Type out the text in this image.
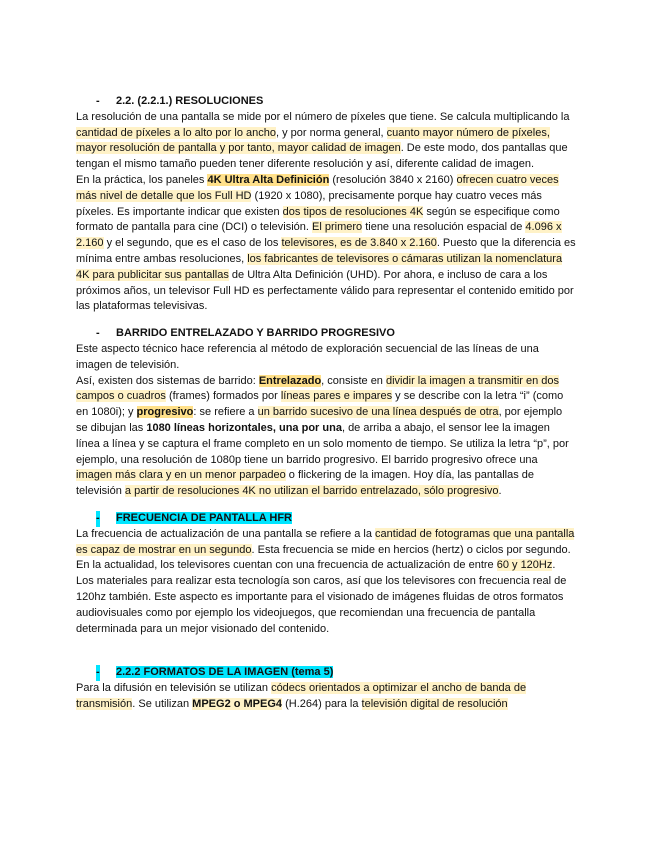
- 2.2. (2.2.1.) RESOLUCIONES

La resolución de una pantalla se mide por el número de píxeles que tiene. Se calcula multiplicando la cantidad de píxeles a lo alto por lo ancho, y por norma general, cuanto mayor número de píxeles, mayor resolución de pantalla y por tanto, mayor calidad de imagen. De este modo, dos pantallas que tengan el mismo tamaño pueden tener diferente resolución y así, diferente calidad de imagen.

En la práctica, los paneles 4K Ultra Alta Definición (resolución 3840 x 2160) ofrecen cuatro veces más nivel de detalle que los Full HD (1920 x 1080), precisamente porque hay cuatro veces más píxeles. Es importante indicar que existen dos tipos de resoluciones 4K según se especifique como formato de pantalla para cine (DCI) o televisión. El primero tiene una resolución espacial de 4.096 x 2.160 y el segundo, que es el caso de los televisores, es de 3.840 x 2.160. Puesto que la diferencia es mínima entre ambas resoluciones, los fabricantes de televisores o cámaras utilizan la nomenclatura 4K para publicitar sus pantallas de Ultra Alta Definición (UHD). Por ahora, e incluso de cara a los próximos años, un televisor Full HD es perfectamente válido para representar el contenido emitido por las plataformas televisivas.

- BARRIDO ENTRELAZADO Y BARRIDO PROGRESIVO

Este aspecto técnico hace referencia al método de exploración secuencial de las líneas de una imagen de televisión.

Así, existen dos sistemas de barrido: Entrelazado, consiste en dividir la imagen a transmitir en dos campos o cuadros (frames) formados por líneas pares e impares y se describe con la letra “i” (como en 1080i); y progresivo: se refiere a un barrido sucesivo de una línea después de otra, por ejemplo se dibujan las 1080 líneas horizontales, una por una, de arriba a abajo, el sensor lee la imagen línea a línea y se captura el frame completo en un solo momento de tiempo. Se utiliza la letra “p”, por ejemplo, una resolución de 1080p tiene un barrido progresivo. El barrido progresivo ofrece una imagen más clara y en un menor parpadeo o flickering de la imagen. Hoy día, las pantallas de televisión a partir de resoluciones 4K no utilizan el barrido entrelazado, sólo progresivo.

- FRECUENCIA DE PANTALLA HFR

La frecuencia de actualización de una pantalla se refiere a la cantidad de fotogramas que una pantalla es capaz de mostrar en un segundo. Esta frecuencia se mide en hercios (hertz) o ciclos por segundo. En la actualidad, los televisores cuentan con una frecuencia de actualización de entre 60 y 120Hz.

Los materiales para realizar esta tecnología son caros, así que los televisores con frecuencia real de 120hz también. Este aspecto es importante para el visionado de imágenes fluidas de otros formatos audiovisuales como por ejemplo los videojuegos, que recomiendan una frecuencia de pantalla determinada para un mejor visionado del contenido.

- 2.2.2 FORMATOS DE LA IMAGEN (tema 5)

Para la difusión en televisión se utilizan códecs orientados a optimizar el ancho de banda de transmisión. Se utilizan MPEG2 o MPEG4 (H.264) para la televisión digital de resolución
